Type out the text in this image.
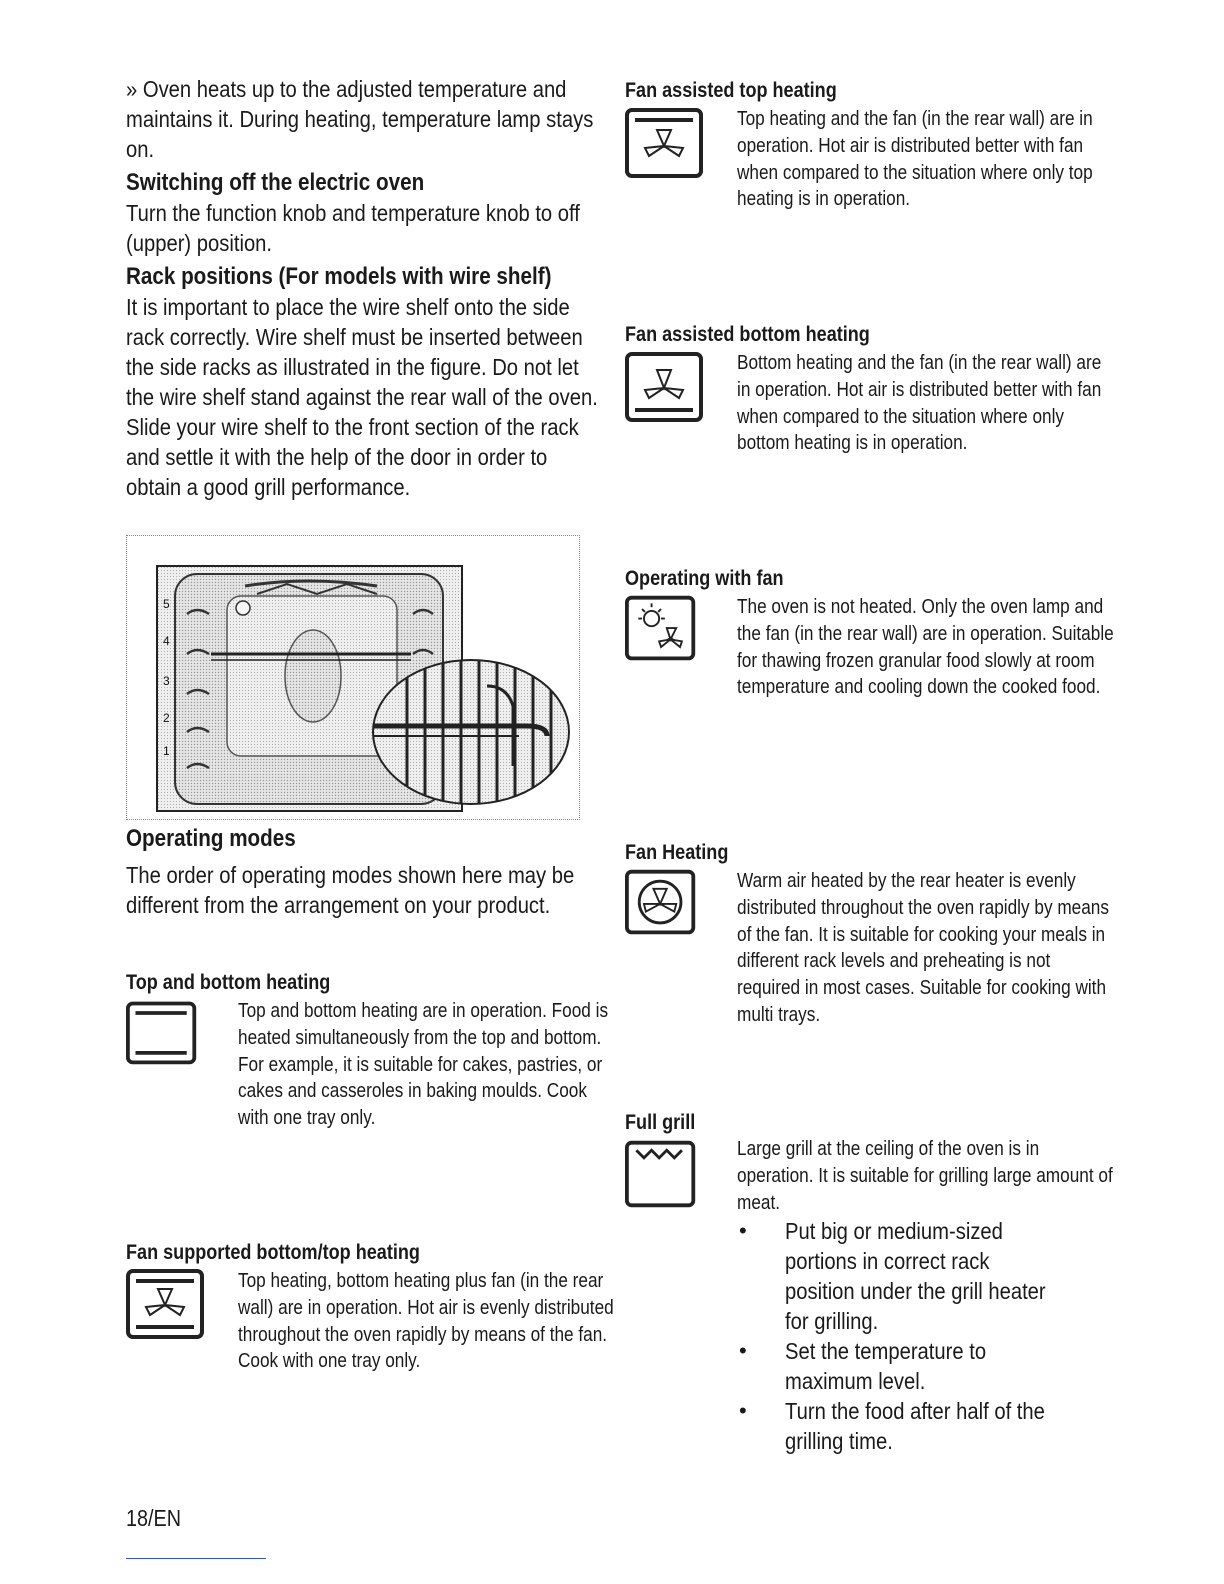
» Oven heats up to the adjusted temperature and maintains it. During heating, temperature lamp stays on.

Switching off the electric oven

Turn the function knob and temperature knob to off (upper) position.

Rack positions (For models with wire shelf)

It is important to place the wire shelf onto the side rack correctly. Wire shelf must be inserted between the side racks as illustrated in the figure. Do not let the wire shelf stand against the rear wall of the oven. Slide your wire shelf to the front section of the rack and settle it with the help of the door in order to obtain a good grill performance.

5
4
3
2
1

Operating modes

The order of operating modes shown here may be different from the arrangement on your product.

Top and bottom heating

Top and bottom heating are in operation. Food is heated simultaneously from the top and bottom. For example, it is suitable for cakes, pastries, or cakes and casseroles in baking moulds. Cook with one tray only.

Fan supported bottom/top heating

Top heating, bottom heating plus fan (in the rear wall) are in operation. Hot air is evenly distributed throughout the oven rapidly by means of the fan. Cook with one tray only.

Fan assisted top heating

Top heating and the fan (in the rear wall) are in operation. Hot air is distributed better with fan when compared to the situation where only top heating is in operation.

Fan assisted bottom heating

Bottom heating and the fan (in the rear wall) are in operation. Hot air is distributed better with fan when compared to the situation where only bottom heating is in operation.

Operating with fan

The oven is not heated. Only the oven lamp and the fan (in the rear wall) are in operation. Suitable for thawing frozen granular food slowly at room temperature and cooling down the cooked food.

Fan Heating

Warm air heated by the rear heater is evenly distributed throughout the oven rapidly by means of the fan. It is suitable for cooking your meals in different rack levels and preheating is not required in most cases. Suitable for cooking with multi trays.

Full grill

Large grill at the ceiling of the oven is in operation. It is suitable for grilling large amount of meat.

• Put big or medium-sized portions in correct rack position under the grill heater for grilling.
• Set the temperature to maximum level.
• Turn the food after half of the grilling time.
18/EN
